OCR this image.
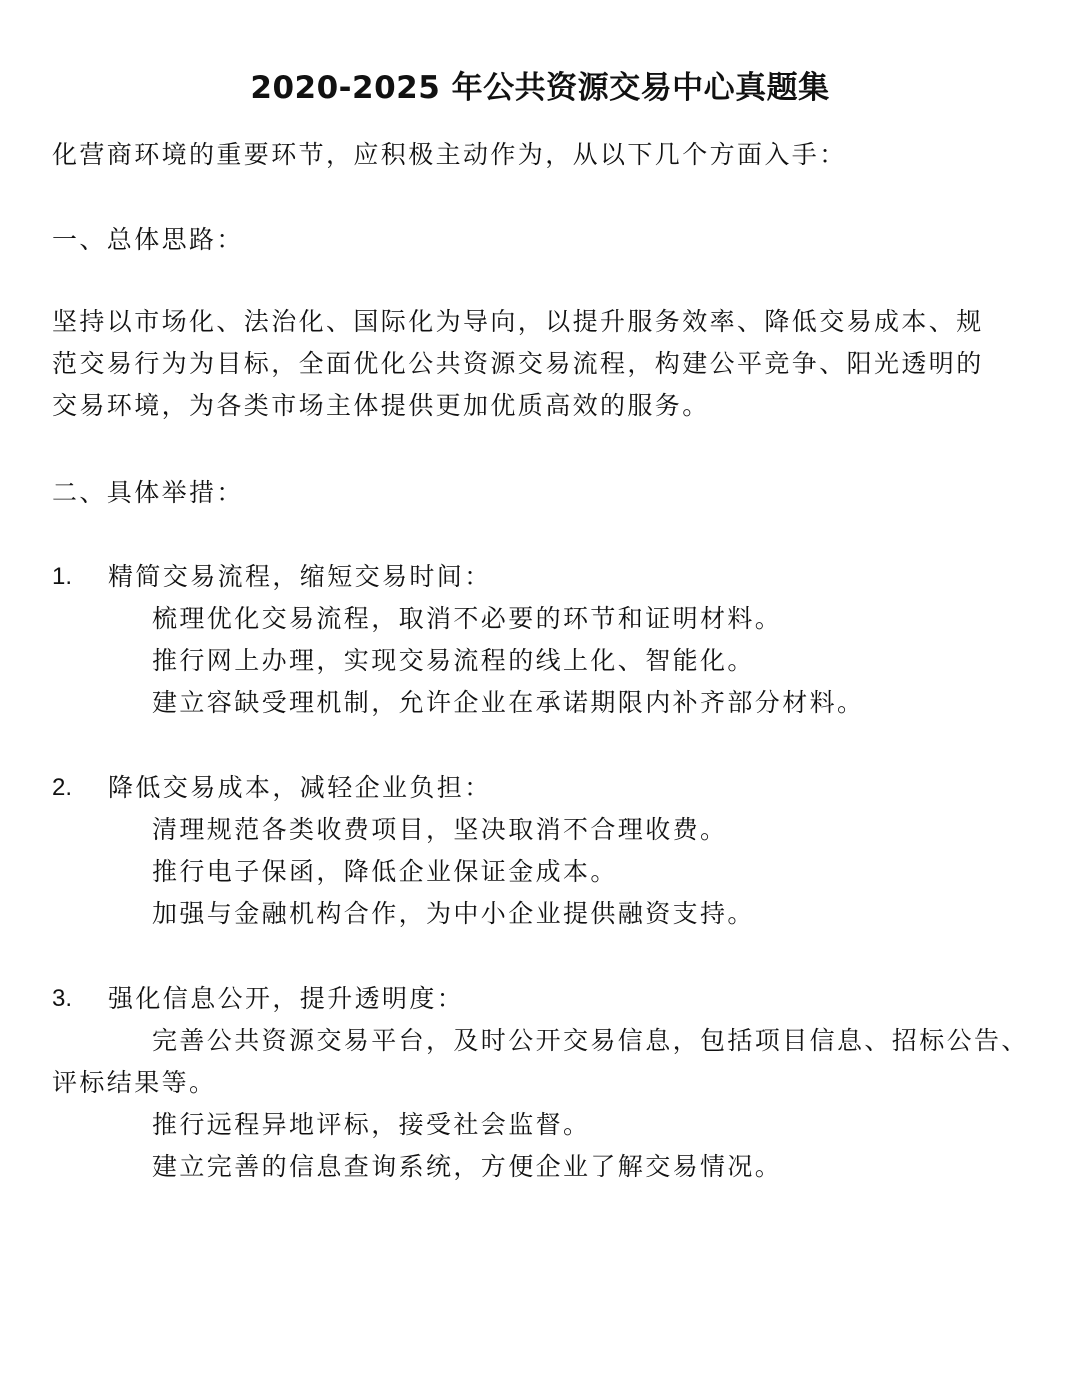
2020-2025 年公共资源交易中心真题集
化营商环境的重要环节，应积极主动作为，从以下几个方面入手：
一、总体思路：
坚持以市场化、法治化、国际化为导向，以提升服务效率、降低交易成本、规
范交易行为为目标，全面优化公共资源交易流程，构建公平竞争、阳光透明的
交易环境，为各类市场主体提供更加优质高效的服务。
二、具体举措：
1. 精简交易流程，缩短交易时间：
梳理优化交易流程，取消不必要的环节和证明材料。
推行网上办理，实现交易流程的线上化、智能化。
建立容缺受理机制，允许企业在承诺期限内补齐部分材料。
2. 降低交易成本，减轻企业负担：
清理规范各类收费项目，坚决取消不合理收费。
推行电子保函，降低企业保证金成本。
加强与金融机构合作，为中小企业提供融资支持。
3. 强化信息公开，提升透明度：
完善公共资源交易平台，及时公开交易信息，包括项目信息、招标公告、
评标结果等。
推行远程异地评标，接受社会监督。
建立完善的信息查询系统，方便企业了解交易情况。
